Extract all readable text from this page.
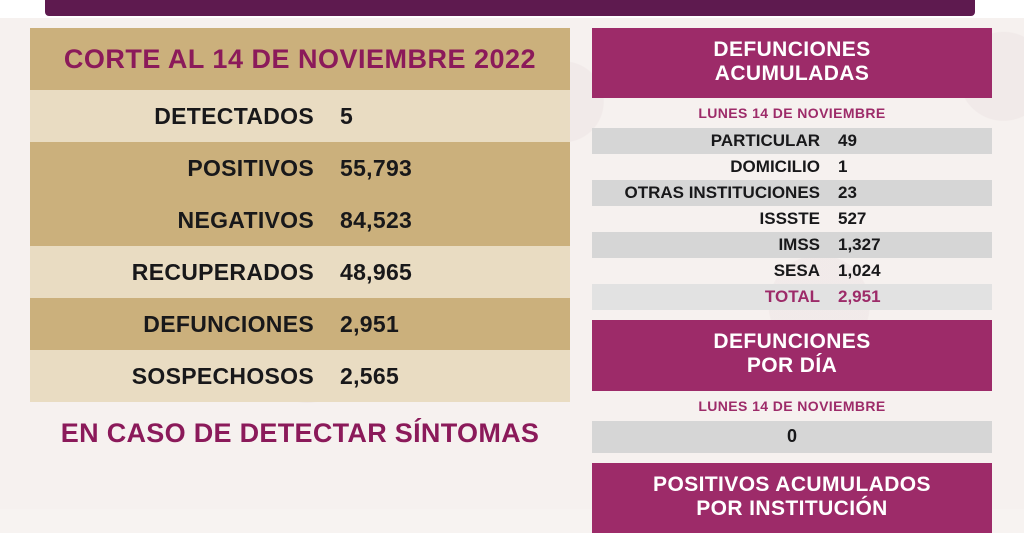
CORTE AL 14 DE NOVIEMBRE 2022
DETECTADOS	5
POSITIVOS	55,793
NEGATIVOS	84,523
RECUPERADOS	48,965
DEFUNCIONES	2,951
SOSPECHOSOS	2,565
EN CASO DE DETECTAR SÍNTOMAS
DEFUNCIONES
ACUMULADAS
LUNES 14 DE NOVIEMBRE
PARTICULAR	49
DOMICILIO	1
OTRAS INSTITUCIONES	23
ISSSTE	527
IMSS	1,327
SESA	1,024
TOTAL	2,951
DEFUNCIONES
POR DÍA
LUNES 14 DE NOVIEMBRE
0
POSITIVOS ACUMULADOS
POR INSTITUCIÓN
